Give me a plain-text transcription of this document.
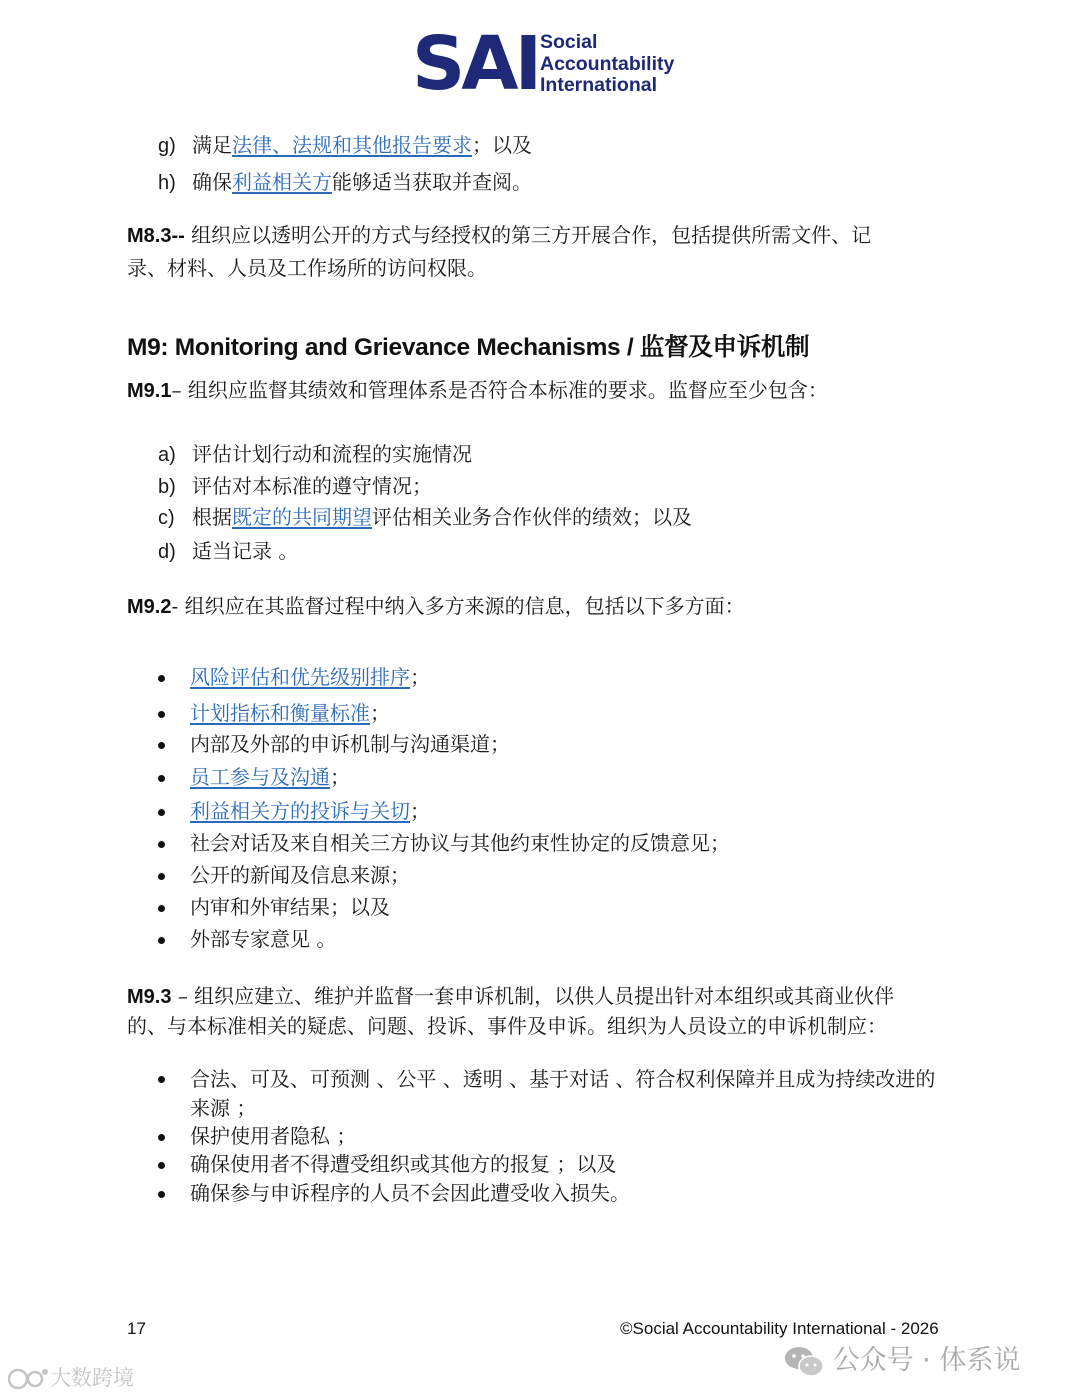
SAI Social
Accountability
International
g) 满足法律、法规和其他报告要求；以及
h) 确保利益相关方能够适当获取并查阅。
M8.3-- 组织应以透明公开的方式与经授权的第三方开展合作，包括提供所需文件、记
录、材料、人员及工作场所的访问权限。
M9: Monitoring and Grievance Mechanisms / 监督及申诉机制
M9.1– 组织应监督其绩效和管理体系是否符合本标准的要求。监督应至少包含：
a) 评估计划行动和流程的实施情况
b) 评估对本标准的遵守情况；
c) 根据既定的共同期望评估相关业务合作伙伴的绩效；以及
d) 适当记录 。
M9.2- 组织应在其监督过程中纳入多方来源的信息，包括以下多方面：
风险评估和优先级别排序；
计划指标和衡量标准；
内部及外部的申诉机制与沟通渠道；
员工参与及沟通；
利益相关方的投诉与关切；
社会对话及来自相关三方协议与其他约束性协定的反馈意见；
公开的新闻及信息来源；
内审和外审结果；以及
外部专家意见 。
M9.3 – 组织应建立、维护并监督一套申诉机制，以供人员提出针对本组织或其商业伙伴
的、与本标准相关的疑虑、问题、投诉、事件及申诉。组织为人员设立的申诉机制应：
合法、可及、可预测 、公平 、透明 、基于对话 、符合权利保障并且成为持续改进的
来源 ；
保护使用者隐私 ；
确保使用者不得遭受组织或其他方的报复 ；以及
确保参与申诉程序的人员不会因此遭受收入损失。
17	©Social Accountability International - 2026
大数跨境
公众号 · 体系说
